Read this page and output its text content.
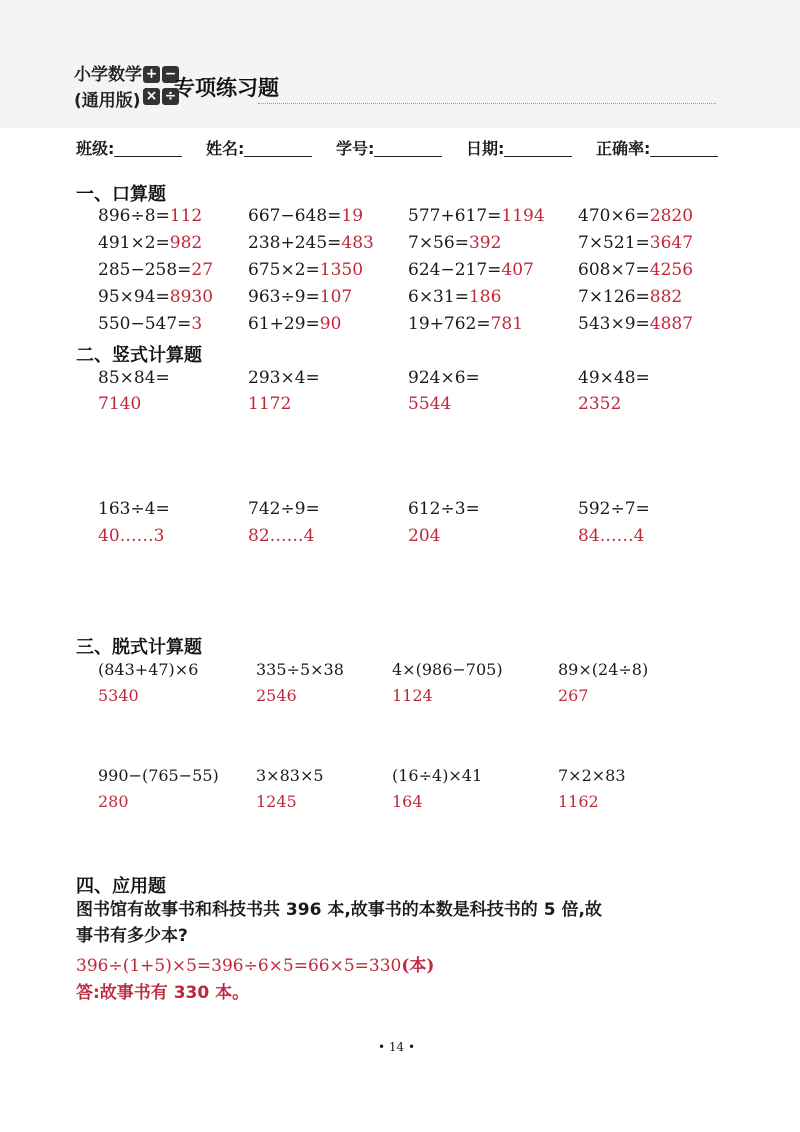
小学数学
(通用版)
+ −
× ÷
专项练习题
班级:	姓名:	学号:	日期:	正确率:
一、口算题
896÷8=112	667−648=19	577+617=1194 470×6=2820
491×2=982	238+245=483 7×56=392	7×521=3647
285−258=27 675×2=1350	624−217=407	608×7=4256
95×94=8930 963÷9=107	6×31=186	7×126=882
550−547=3	61+29=90	19+762=781	543×9=4887
二、竖式计算题
85×84=	293×4=	924×6=	49×48=
7140	1172	5544	2352
163÷4=	742÷9=	612÷3=	592÷7=
40……3	82……4	204	84……4
三、脱式计算题
(843+47)×6	335÷5×38	4×(986−705)	89×(24÷8)
5340	2546	1124	267
990−(765−55) 3×83×5	(16÷4)×41	7×2×83
280	1245	164	1162
四、应用题
图书馆有故事书和科技书共 396 本,故事书的本数是科技书的 5 倍,故
事书有多少本?
396÷(1+5)×5=396÷6×5=66×5=330(本)
答:故事书有 330 本。
• 14 •
